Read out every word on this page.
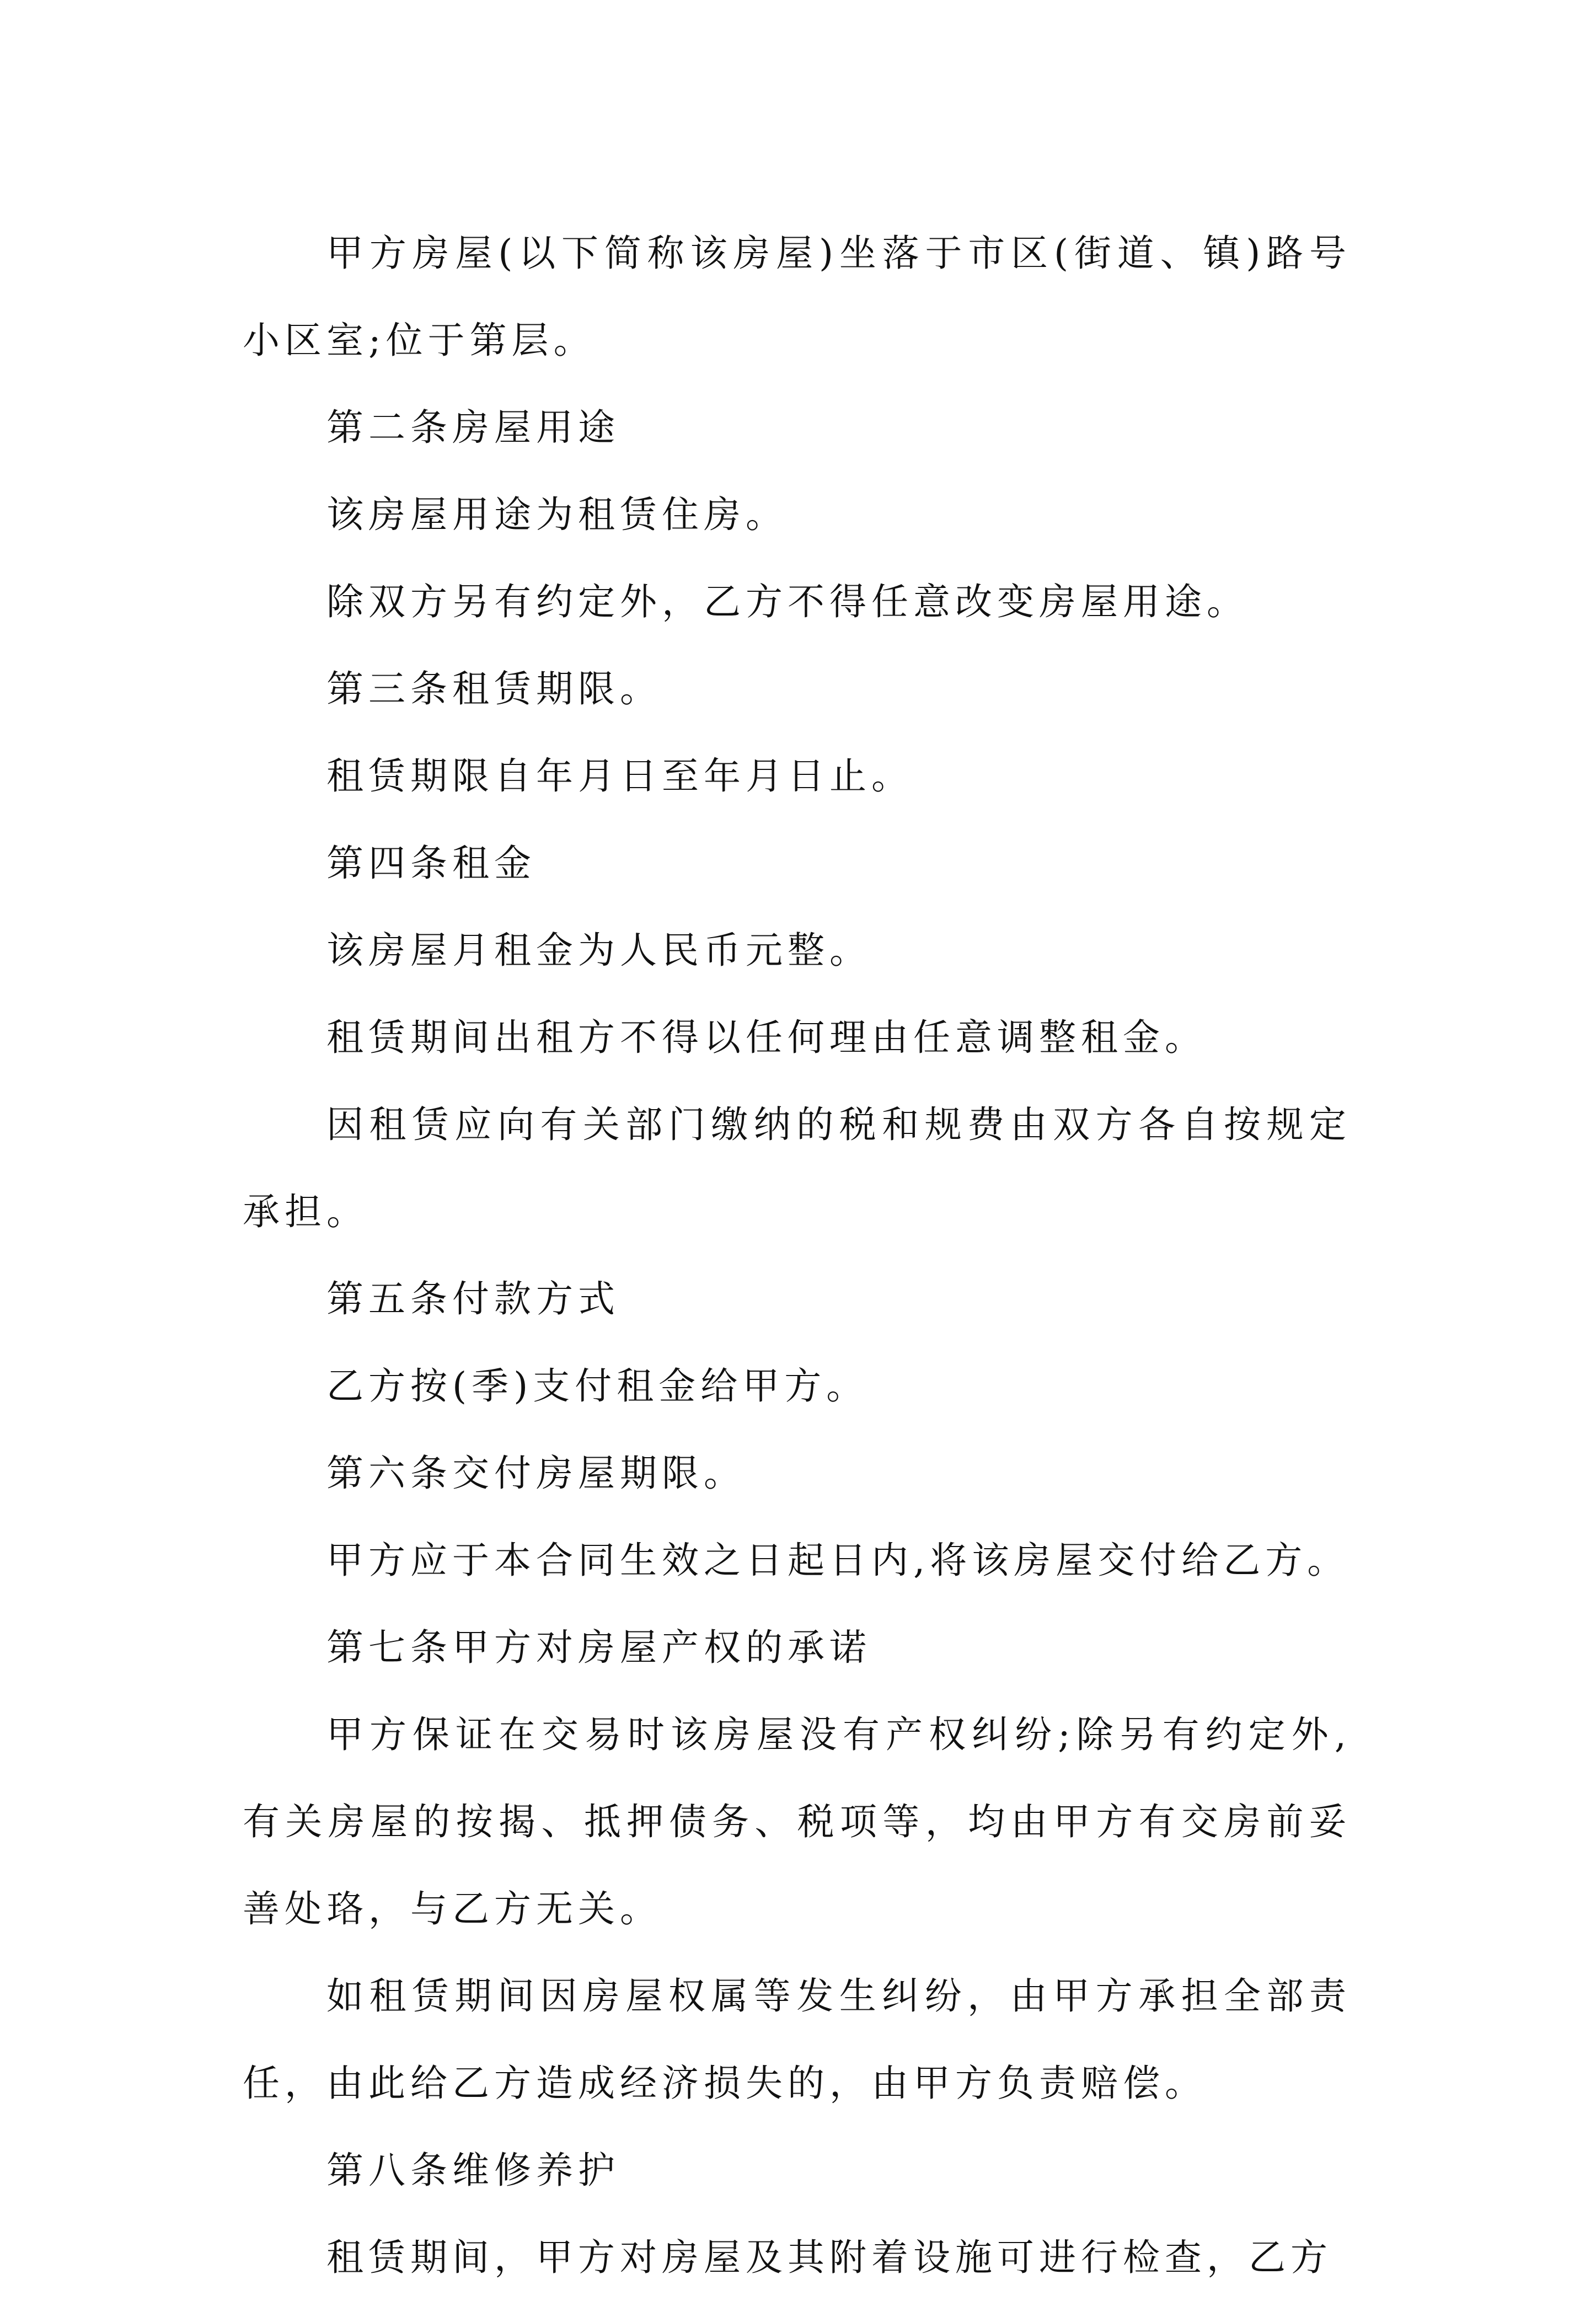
甲方房屋(以下简称该房屋)坐落于市区(街道、镇)路号小区室;位于第层。

第二条房屋用途

该房屋用途为租赁住房。

除双方另有约定外，乙方不得任意改变房屋用途。

第三条租赁期限。

租赁期限自年月日至年月日止。

第四条租金

该房屋月租金为人民币元整。

租赁期间出租方不得以任何理由任意调整租金。

因租赁应向有关部门缴纳的税和规费由双方各自按规定承担。

第五条付款方式

乙方按(季)支付租金给甲方。

第六条交付房屋期限。

甲方应于本合同生效之日起日内,将该房屋交付给乙方。

第七条甲方对房屋产权的承诺

甲方保证在交易时该房屋没有产权纠纷;除另有约定外,有关房屋的按揭、抵押债务、税项等，均由甲方有交房前妥善处珞，与乙方无关。

如租赁期间因房屋权属等发生纠纷，由甲方承担全部责任，由此给乙方造成经济损失的，由甲方负责赔偿。

第八条维修养护

租赁期间，甲方对房屋及其附着设施可进行检查，乙方
